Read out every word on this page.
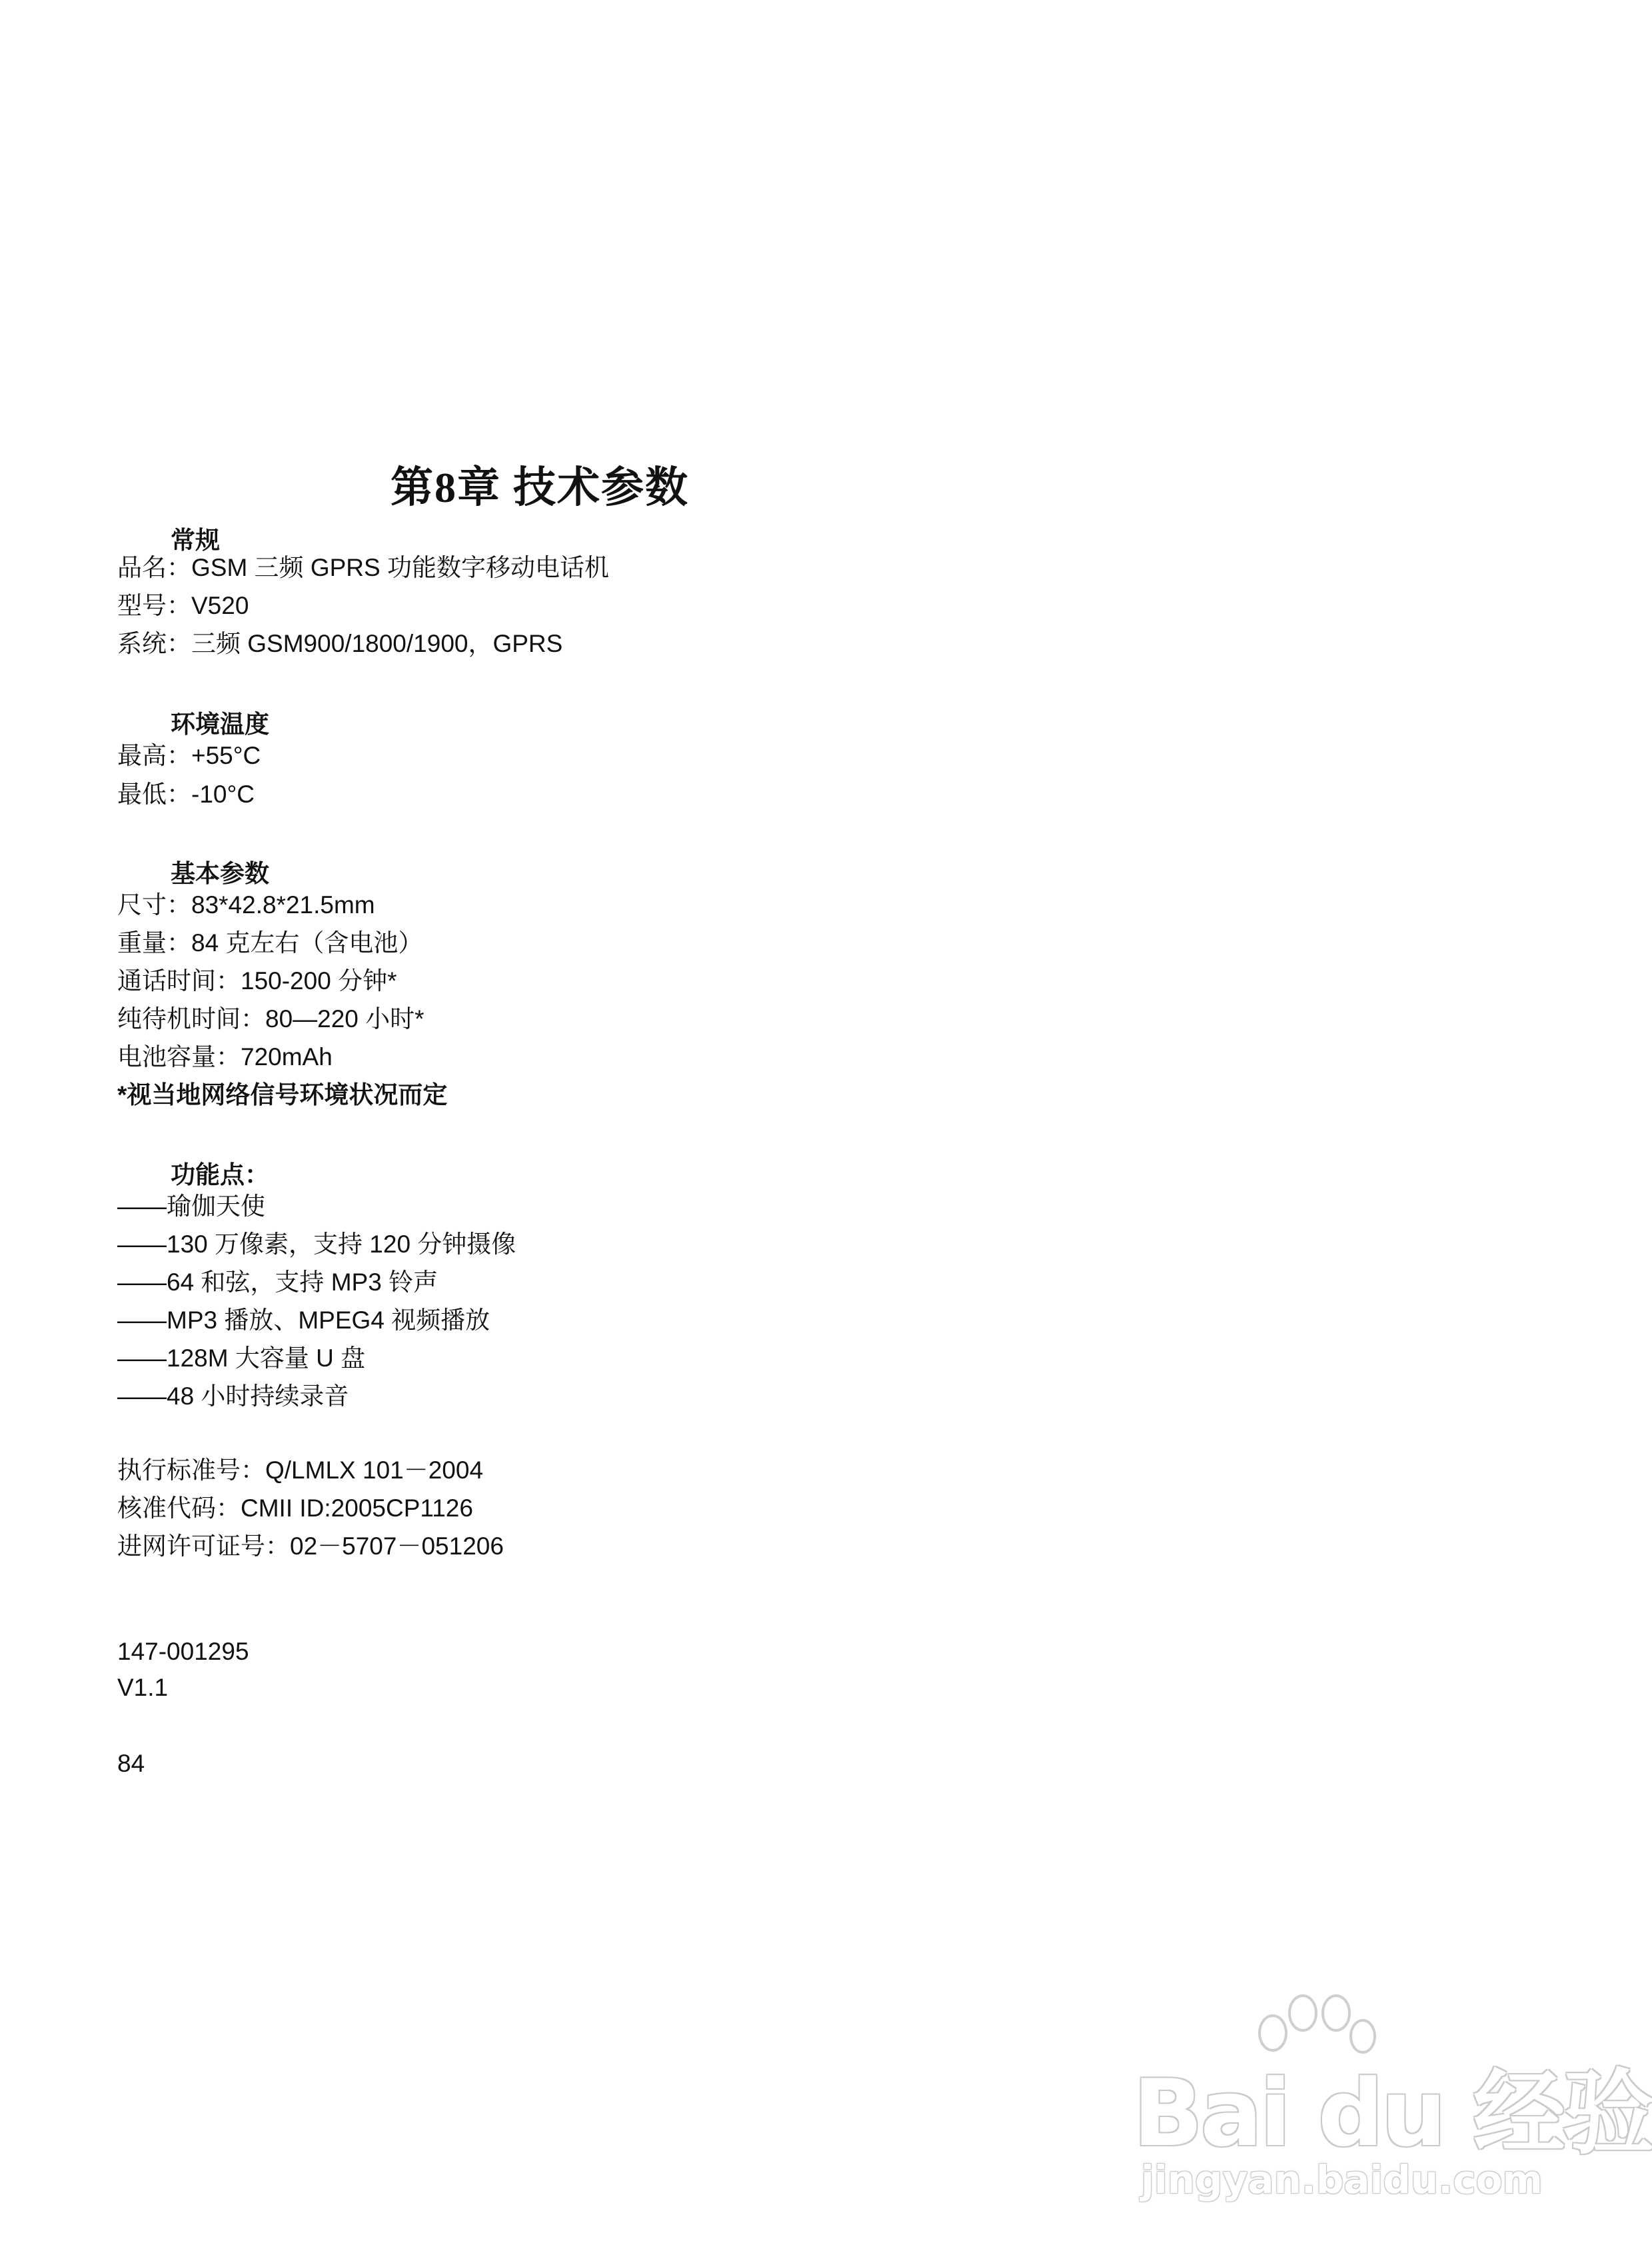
第8章 技术参数
常规
品名：GSM 三频 GPRS 功能数字移动电话机
型号：V520
系统：三频 GSM900/1800/1900，GPRS
环境温度
最高：+55°C
最低：-10°C
基本参数
尺寸：83*42.8*21.5mm
重量：84 克左右（含电池）
通话时间：150-200 分钟*
纯待机时间：80—220 小时*
电池容量：720mAh
*视当地网络信号环境状况而定
功能点：
——瑜伽天使
——130 万像素，支持 120 分钟摄像
——64 和弦，支持 MP3 铃声
——MP3 播放、MPEG4 视频播放
——128M 大容量 U 盘
——48 小时持续录音
执行标准号：Q/LMLX 101－2004
核准代码：CMII ID:2005CP1126
进网许可证号：02－5707－051206
147-001295
V1.1
84
Bai du 经验
jingyan.baidu.com
